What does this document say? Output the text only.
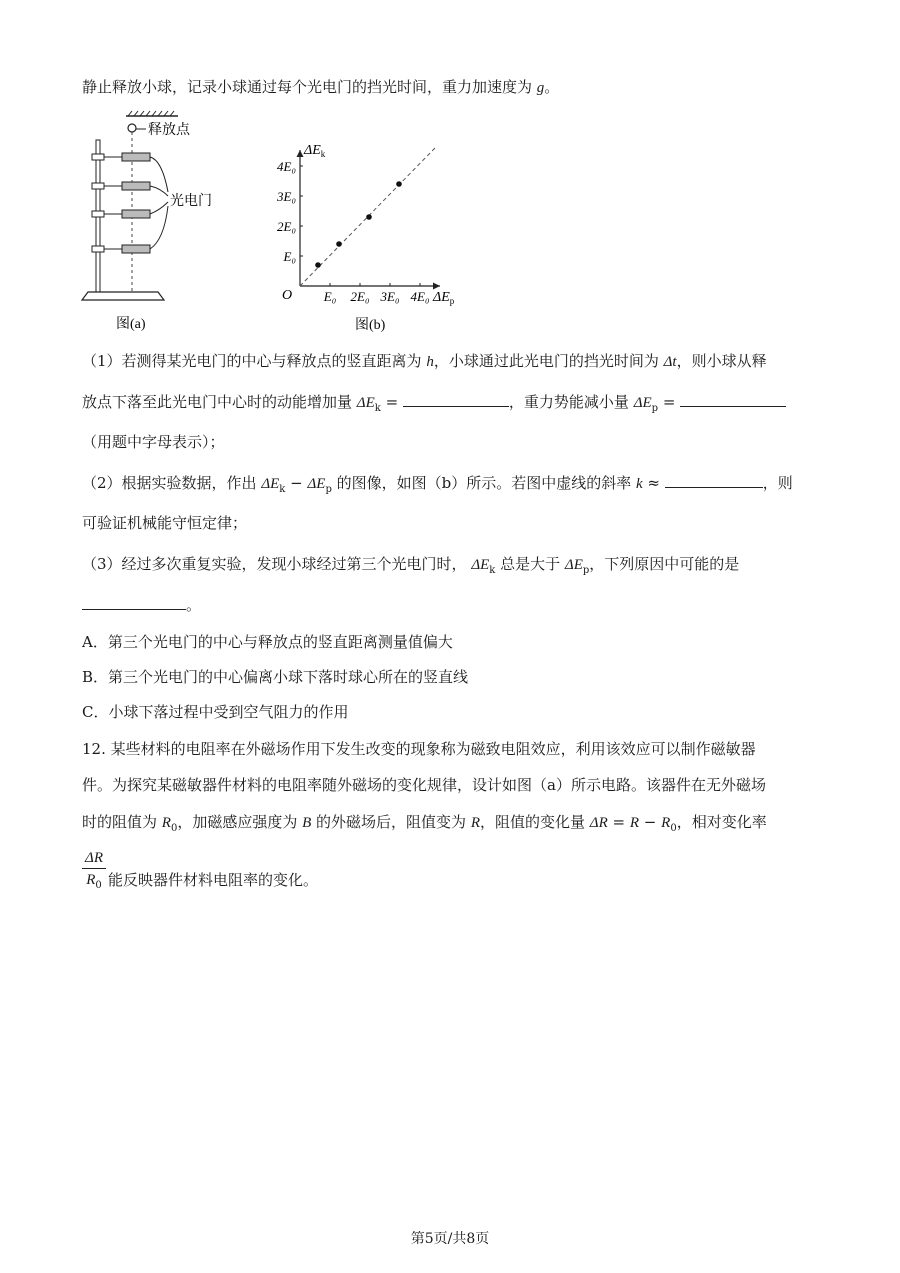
静止释放小球，记录小球通过每个光电门的挡光时间，重力加速度为 g。
释放点
光电门
图(a)
O
$\Delta E_k$
$\Delta E_p$
E₀ 2E₀ 3E₀ 4E₀
E₀
2E₀
3E₀
4E₀
图(b)
（1）若测得某光电门的中心与释放点的竖直距离为 h，小球通过此光电门的挡光时间为 Δt，则小球从释
放点下落至此光电门中心时的动能增加量 $\Delta E_k$ =	，重力势能减小量 $\Delta E_p$ =
（用题中字母表示）；
（2）根据实验数据，作出 $\Delta E_k - \Delta E_p$ 的图像，如图（b）所示。若图中虚线的斜率 k ≈	，则
可验证机械能守恒定律；
（3）经过多次重复实验，发现小球经过第三个光电门时， $\Delta E_k$ 总是大于 $\Delta E_p$，下列原因中可能的是
。
A．第三个光电门的中心与释放点的竖直距离测量值偏大
B．第三个光电门的中心偏离小球下落时球心所在的竖直线
C．小球下落过程中受到空气阻力的作用
12. 某些材料的电阻率在外磁场作用下发生改变的现象称为磁致电阻效应，利用该效应可以制作磁敏器
件。为探究某磁敏器件材料的电阻率随外磁场的变化规律，设计如图（a）所示电路。该器件在无外磁场
时的阻值为 $R_0$，加磁感应强度为 B 的外磁场后，阻值变为 R，阻值的变化量 $\Delta R = R - R_0$，相对变化率
$\frac{\Delta R}{R_0}$ 能反映器件材料电阻率的变化。
第5页/共8页
